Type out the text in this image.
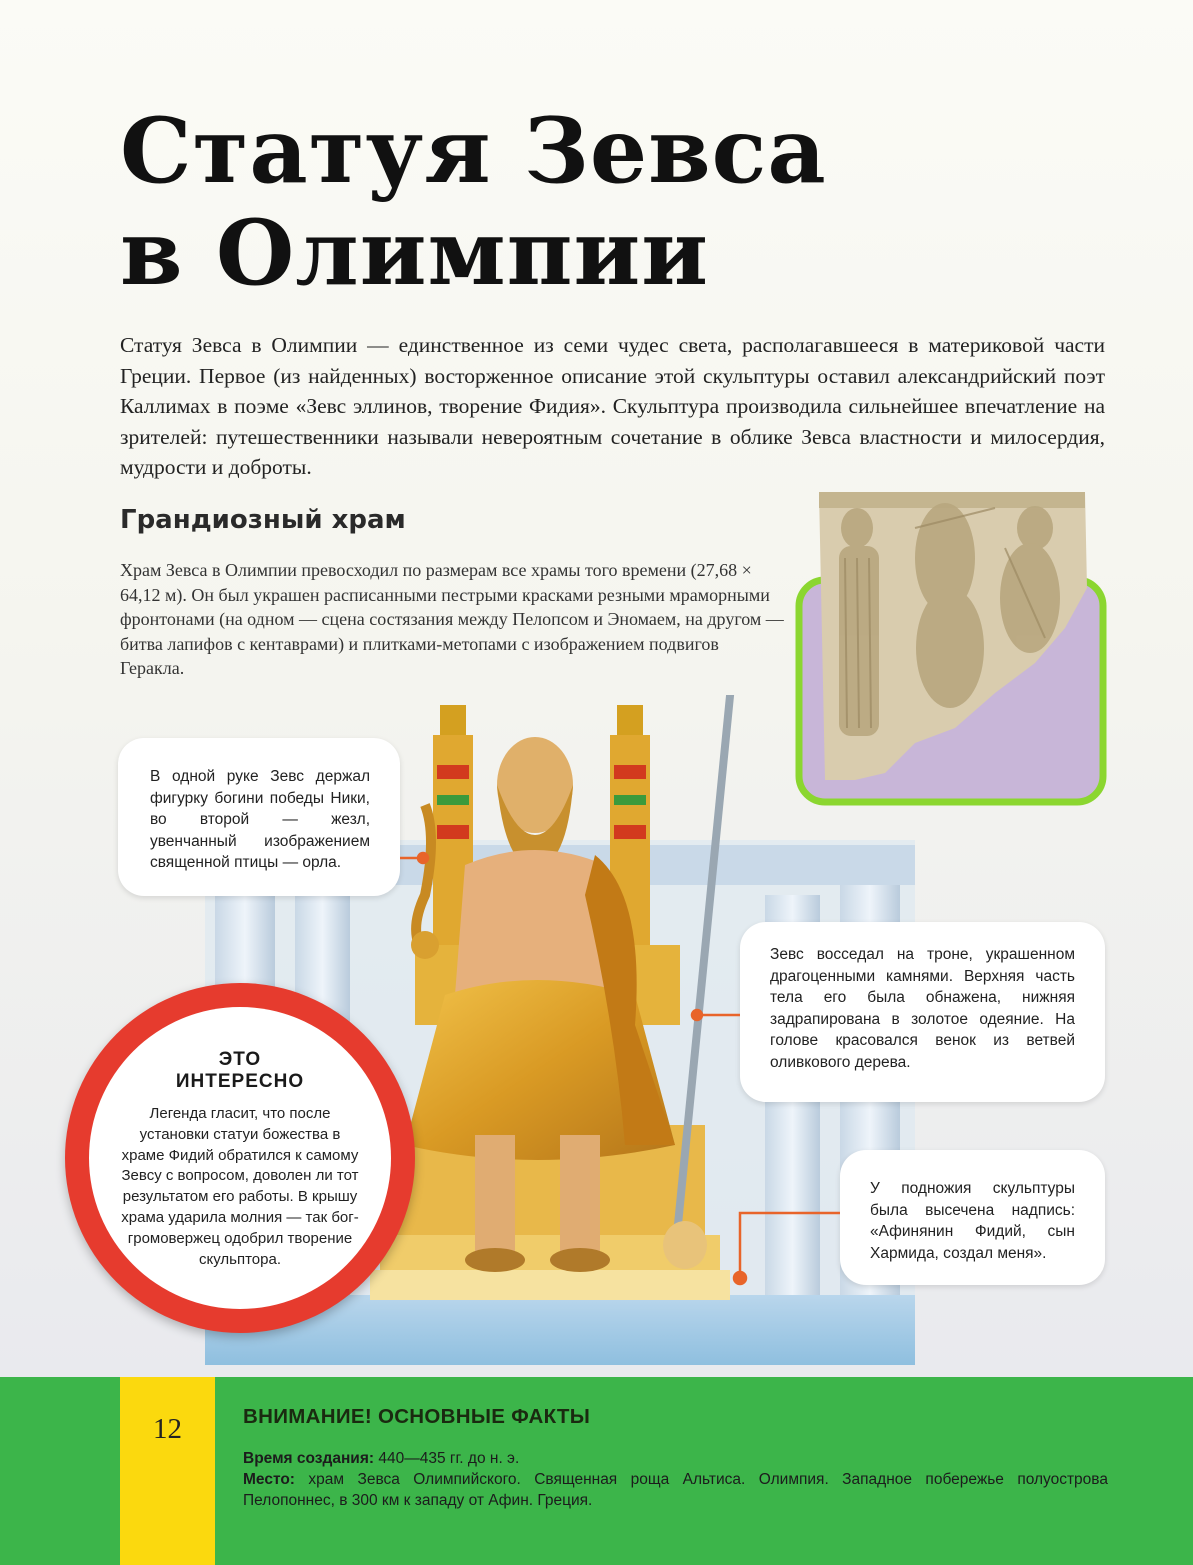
Статуя Зевса
в Олимпии

Статуя Зевса в Олимпии — единственное из семи чудес света, располагавшееся в материковой части Греции. Первое (из найденных) восторженное описание этой скульптуры оставил александрийский поэт Каллимах в поэме «Зевс эллинов, творение Фидия». Скульптура производила сильнейшее впечатление на зрителей: путешественники называли невероятным сочетание в облике Зевса властности и милосердия, мудрости и доброты.

Грандиозный храм

Храм Зевса в Олимпии превосходил по размерам все храмы того времени (27,68 × 64,12 м). Он был украшен расписанными пестрыми красками резными мраморными фронтонами (на одном — сцена состязания между Пелопсом и Эномаем, на другом — битва лапифов с кентаврами) и плитками-метопами с изображением подвигов Геракла.

В одной руке Зевс держал фигурку богини победы Ники, во второй — жезл, увенчанный изображением священной птицы — орла.
Зевс восседал на троне, украшенном драгоценными камнями. Верхняя часть тела его была обнажена, нижняя задрапирована в золотое одеяние. На голове красовался венок из ветвей оливкового дерева.
У подножия скульптуры была высечена надпись: «Афинянин Фидий, сын Хармида, создал меня».
ЭТО
ИНТЕРЕСНО

Легенда гласит, что после установки статуи божества в храме Фидий обратился к самому Зевсу с вопросом, доволен ли тот результатом его работы. В крышу храма ударила молния — так бог-громовержец одобрил творение скульптора.

12	ВНИМАНИЕ! ОСНОВНЫЕ ФАКТЫ

Время создания: 440—435 гг. до н. э.

Место: храм Зевса Олимпийского. Священная роща Альтиса. Олимпия. Западное побережье полуострова Пелопоннес, в 300 км к западу от Афин. Греция.
